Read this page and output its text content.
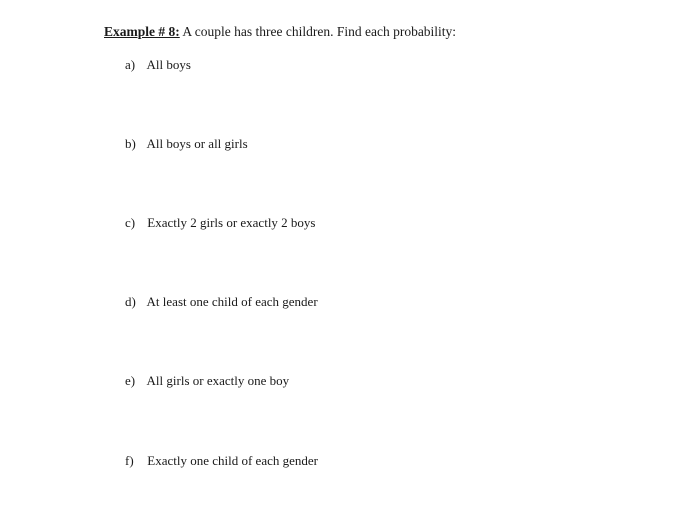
Example # 8: A couple has three children. Find each probability:
a) All boys
b) All boys or all girls
c) Exactly 2 girls or exactly 2 boys
d) At least one child of each gender
e) All girls or exactly one boy
f) Exactly one child of each gender
